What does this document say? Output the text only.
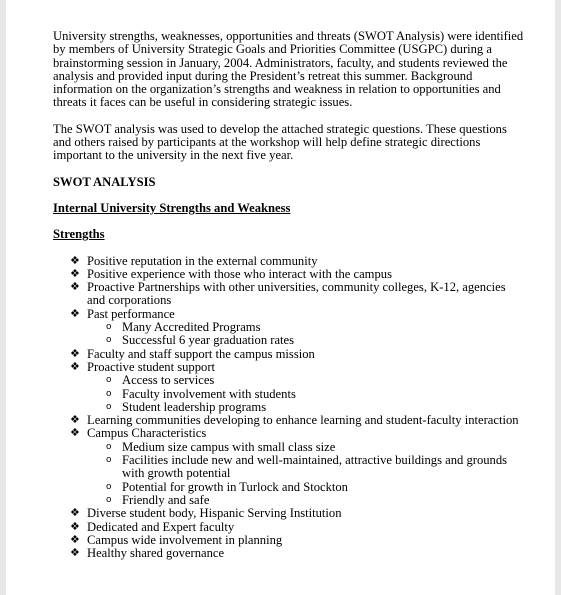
University strengths, weaknesses, opportunities and threats (SWOT Analysis) were identified by members of University Strategic Goals and Priorities Committee (USGPC) during a brainstorming session in January, 2004. Administrators, faculty, and students reviewed the analysis and provided input during the President’s retreat this summer. Background information on the organization’s strengths and weakness in relation to opportunities and threats it faces can be useful in considering strategic issues.

The SWOT analysis was used to develop the attached strategic questions. These questions and others raised by participants at the workshop will help define strategic directions important to the university in the next five year.

SWOT ANALYSIS

Internal University Strengths and Weakness

Strengths

❖ Positive reputation in the external community
❖ Positive experience with those who interact with the campus
❖ Proactive Partnerships with other universities, community colleges, K-12, agencies and corporations
❖ Past performance
o Many Accredited Programs
o Successful 6 year graduation rates
❖ Faculty and staff support the campus mission
❖ Proactive student support
o Access to services
o Faculty involvement with students
o Student leadership programs
❖ Learning communities developing to enhance learning and student-faculty interaction
❖ Campus Characteristics
o Medium size campus with small class size
o Facilities include new and well-maintained, attractive buildings and grounds with growth potential
o Potential for growth in Turlock and Stockton
o Friendly and safe
❖ Diverse student body, Hispanic Serving Institution
❖ Dedicated and Expert faculty
❖ Campus wide involvement in planning
❖ Healthy shared governance
